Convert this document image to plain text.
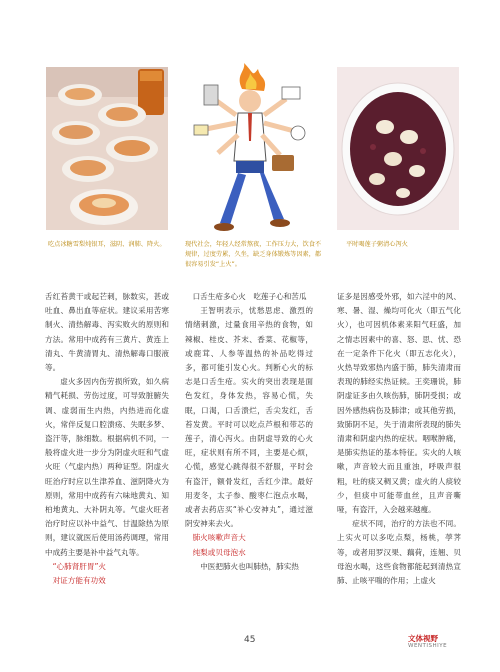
吃点冰糖雪梨炖银耳，滋阴、润肺、降火。	现代社会，年轻人经常熬夜，工作压力大，饮食不规律，过度劳累，久坐，缺乏身体锻炼等因素，都很容易引发“上火”。
平时喝莲子粥清心泻火

舌红苔黄干或起芒刺，脉数实，甚或吐血、鼻出血等症状。建议采用苦寒制火、清热解毒、泻实败火的原则和方法。常用中成药有三黄片、黄连上清丸、牛黄清胃丸、清热解毒口服液等。

虚火多因内伤劳损所致，如久病精气耗损、劳伤过度，可导致脏腑失调、虚弱而生内热，内热进而化虚火，常伴反复口腔溃疡、失眠多梦、盗汗等，脉细数。根据病机不同，一般将虚火进一步分为阴虚火旺和气虚火旺（气虚内热）两种证型。阴虚火旺治疗时应以生津养血、滋阴降火为原则，常用中成药有六味地黄丸、知柏地黄丸、大补阴丸等。气虚火旺者治疗时应以补中益气、甘温除热为原则，建议就医后使用汤药调理，常用中成药主要是补中益气丸等。

“心肺肾肝胃”火

对证方能有功效

口舌生疮多心火　吃莲子心和苦瓜

王智明表示，忧愁思虑、激烈的情绪刺激，过量食用辛热的食物，如辣椒、桂皮、芥末、香菜、花椒等，或鹿茸、人参等温热的补品吃得过多，都可能引发心火。判断心火的标志是口舌生疮。实火的突出表现是面色发红，身体发热，容易心慌，失眠，口渴，口舌溃烂，舌尖发红，舌苔发黄。平时可以吃点芦根和带芯的莲子，清心泻火。由阴虚导致的心火旺，症状则有所不同，主要是心烦，心慌，感觉心跳得很不舒服，平时会有盗汗，额骨发红，舌红少津。最好用麦冬，太子参、酸枣仁泡点水喝，或者去药店买“补心安神丸”，通过滋阴安神来去火。

肺火咳嗽声音大

纯梨或贝母泡水

中医把肺火也叫肺热，肺实热

证多是因感受外邪，如六淫中的风、寒、暑、湿、燥均可化火（即五气化火），也可因机体素来阳气旺盛，加之情志因素中的喜、怒、思、忧、恐在一定条件下化火（即五志化火），火热导致邪热内盛于肺，肺失清肃而表现的肺经实热证候。王奕珊说，肺阴虚证多由久咳伤肺，肺阴受损；或因外感热病伤及肺津；或其他劳损，致肺阴不足，失于清肃所表现的肺失清肃和阴虚内热的症状。咽喉肿痛，是肺实热证的基本特征。实火的人咳嗽，声音较大而且重浊，呼吸声很粗，吐的痰又稠又黄；虚火的人痰较少，但痰中可能带血丝，且声音嘶哑，有盗汗，入会越来越瘦。

症状不同，治疗的方法也不同。上实火可以多吃点梨，杨桃，荸荠等，或者用罗汉果、藕荷，连翘、贝母泡水喝，这些食物都能起到清热宣肺、止咳平喘的作用；上虚火

45	文体视野
WENTISHIYE
